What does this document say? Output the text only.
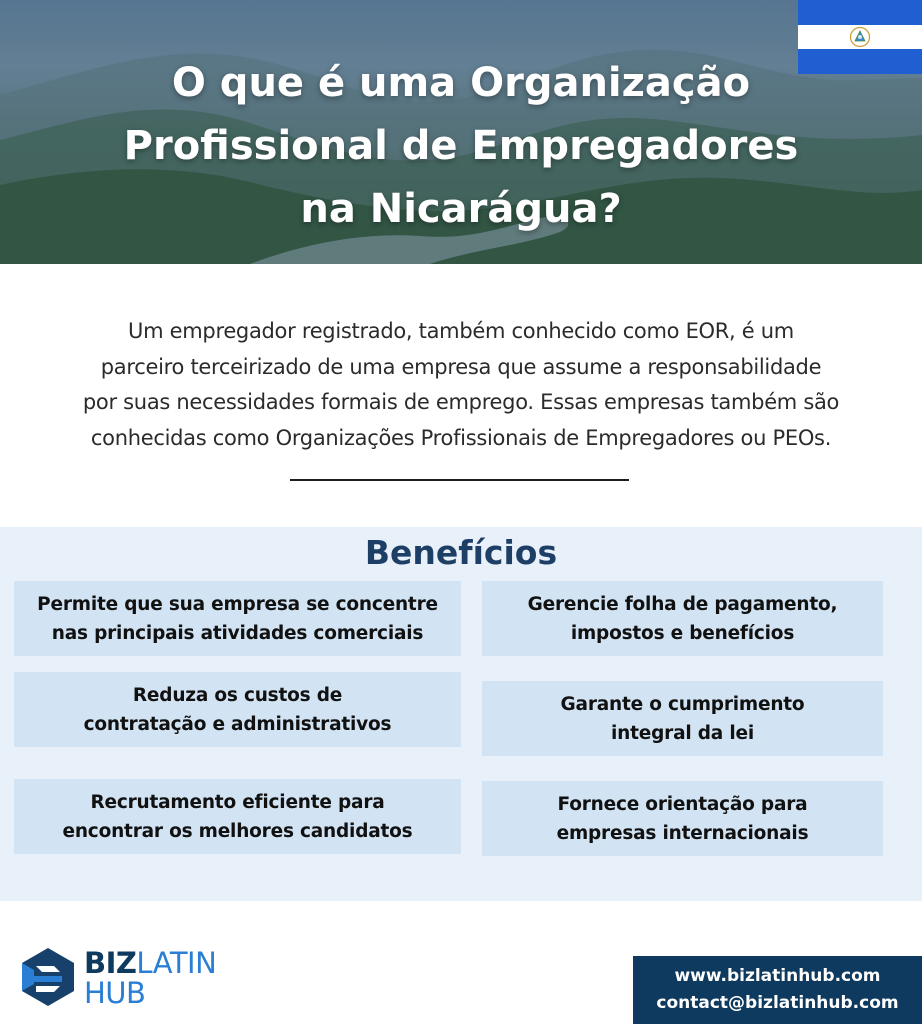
O que é uma Organização
Profissional de Empregadores
na Nicarágua?
Um empregador registrado, também conhecido como EOR, é um
parceiro terceirizado de uma empresa que assume a responsabilidade
por suas necessidades formais de emprego. Essas empresas também são
conhecidas como Organizações Profissionais de Empregadores ou PEOs.
Benefícios
Permite que sua empresa se concentre
nas principais atividades comerciais
Gerencie folha de pagamento,
impostos e benefícios
Reduza os custos de
contratação e administrativos
Garante o cumprimento
integral da lei
Recrutamento eficiente para
encontrar os melhores candidatos
Fornece orientação para
empresas internacionais
BIZLATIN
HUB	www.bizlatinhub.com
contact@bizlatinhub.com
